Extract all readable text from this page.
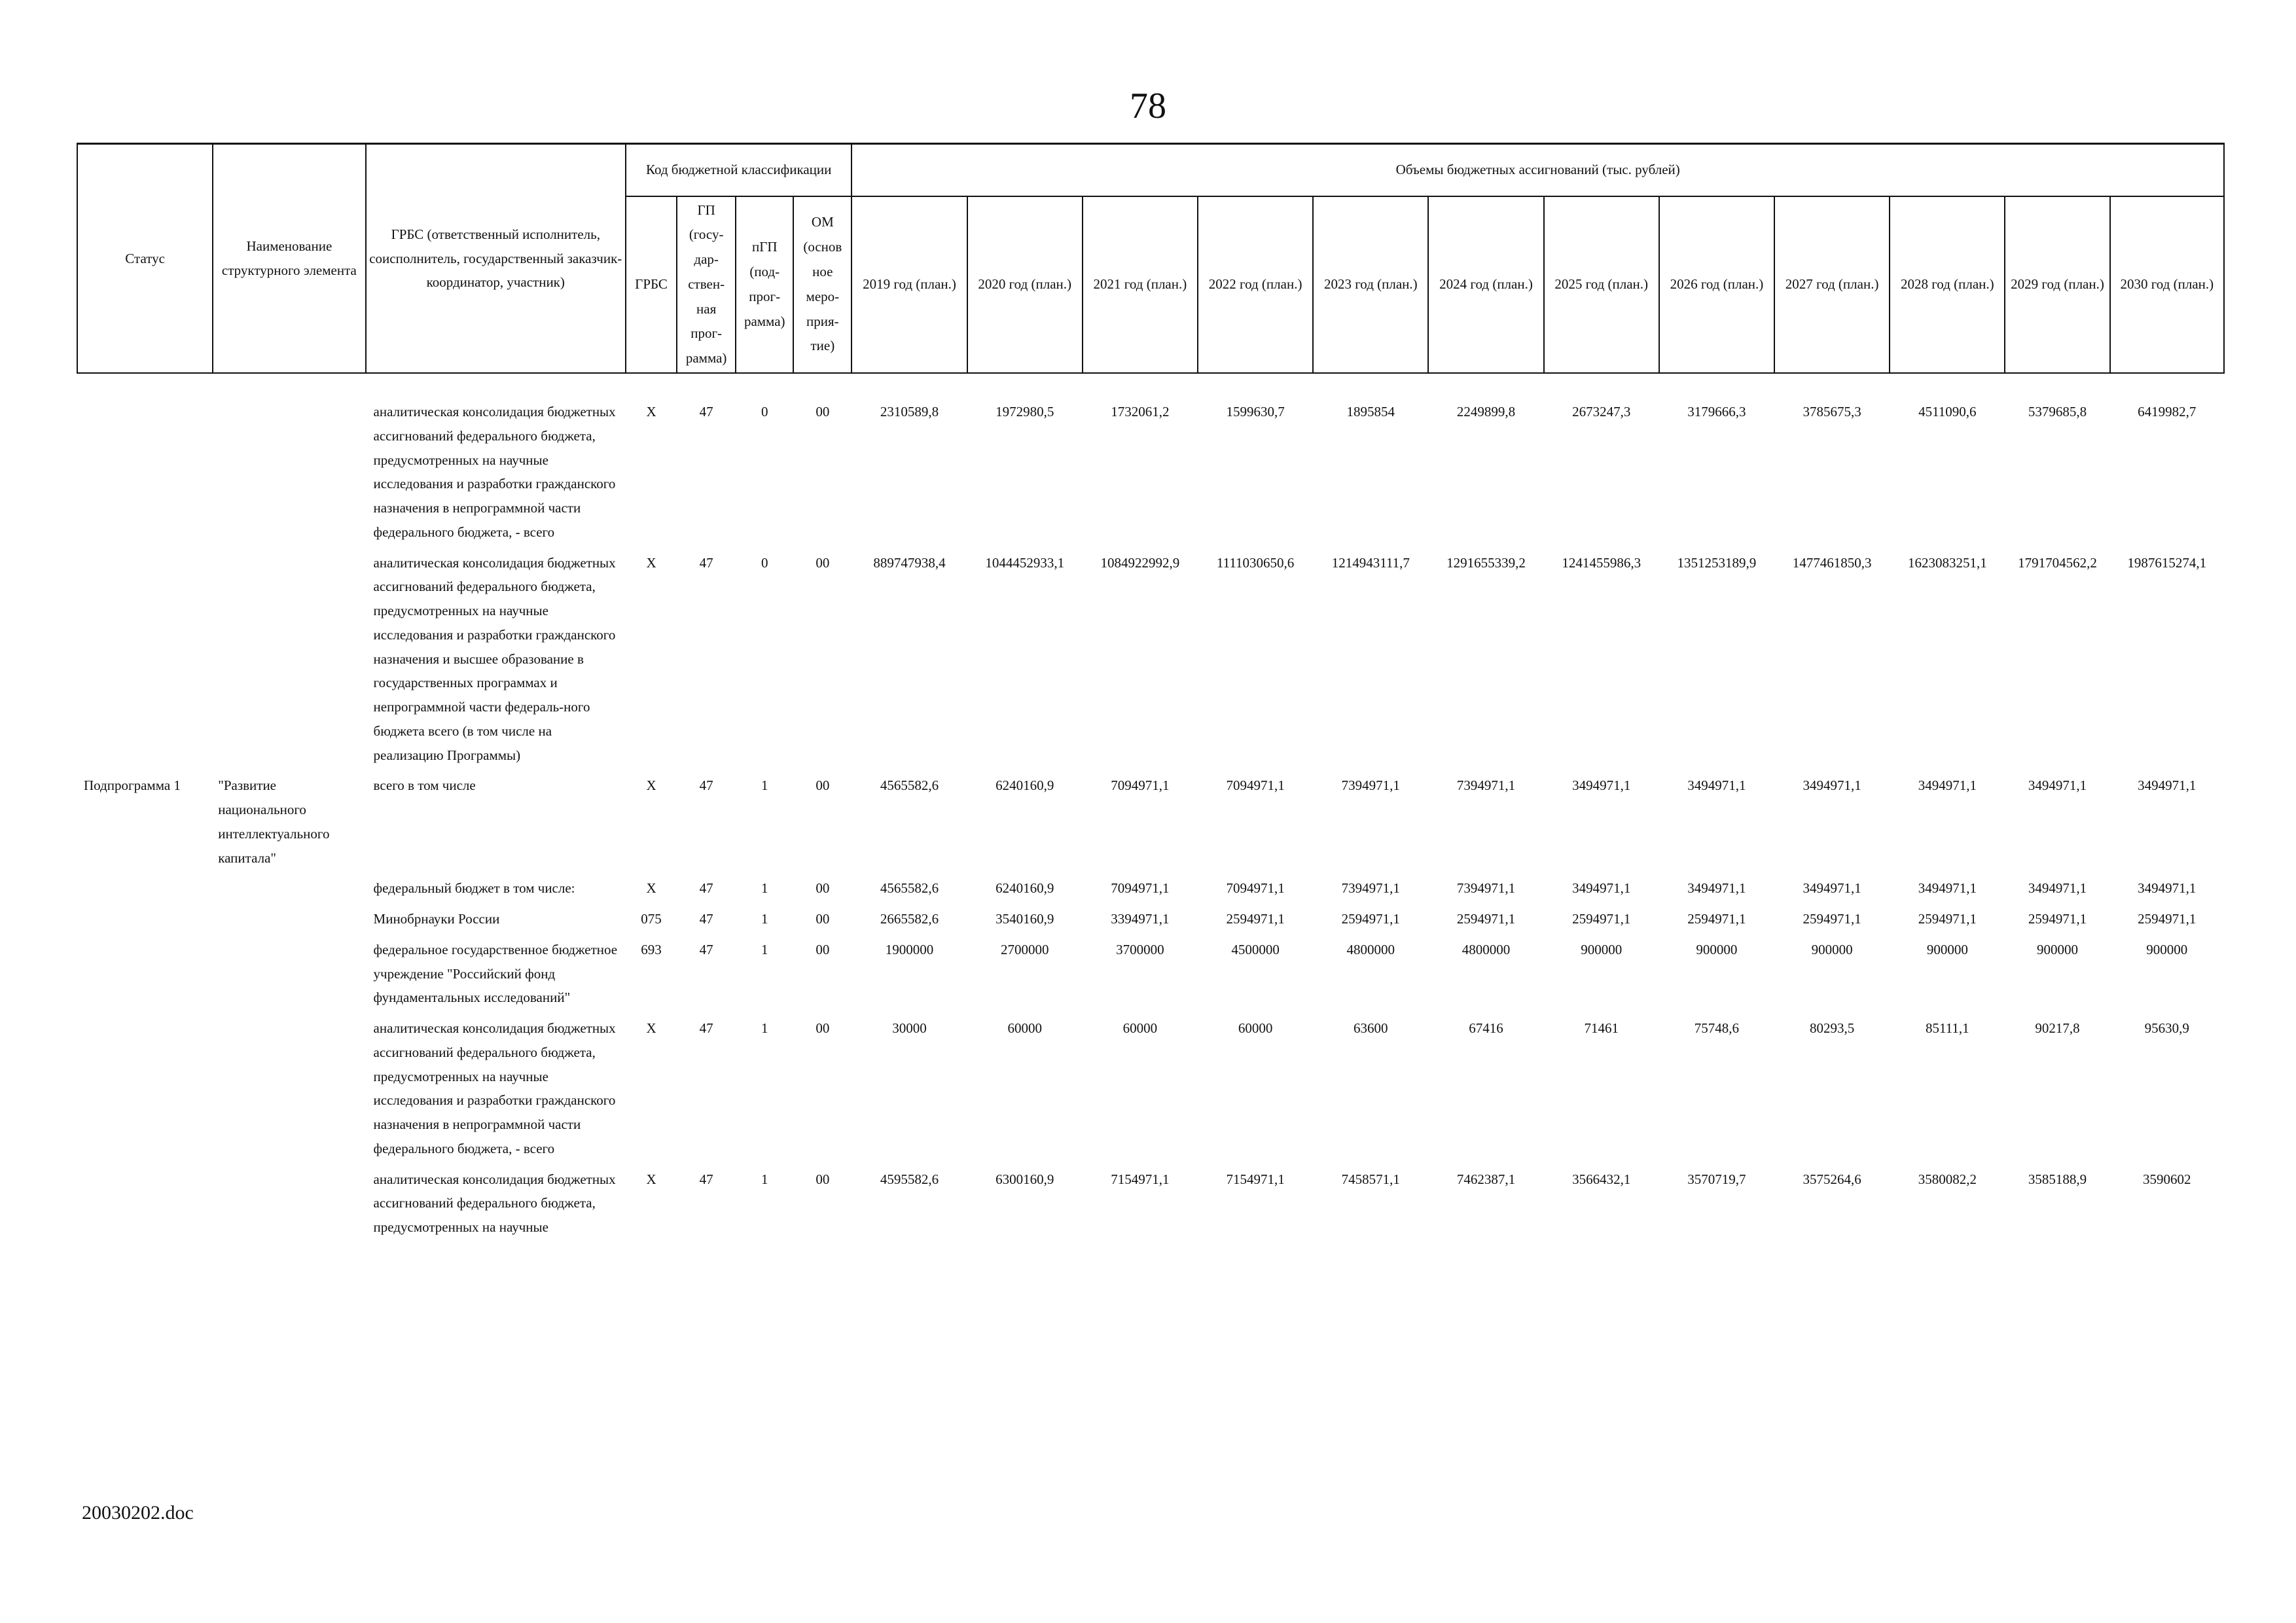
78
Статус	Наименование структурного элемента	ГРБС (ответственный исполнитель, соисполнитель, государственный заказчик-координатор, участник)	Код бюджетной классификации				Объемы бюджетных ассигнований (тыс. рублей)											
			ГРБС	ГП (госу-дар-ствен-ная прог-рамма)	пГП (под-прог-рамма)	ОМ (основ ное меро-прия-тие)	2019 год (план.)	2020 год (план.)	2021 год (план.)	2022 год (план.)	2023 год (план.)	2024 год (план.)	2025 год (план.)	2026 год (план.)	2027 год (план.)	2028 год (план.)	2029 год (план.)	2030 год (план.)
		аналитическая консолидация бюджетных ассигнований федерального бюджета, предусмотренных на научные исследования и разработки гражданского назначения в непрограммной части федерального бюджета, - всего	X	47	0	00	2310589,8	1972980,5	1732061,2	1599630,7	1895854	2249899,8	2673247,3	3179666,3	3785675,3	4511090,6	5379685,8	6419982,7
		аналитическая консолидация бюджетных ассигнований федерального бюджета, предусмотренных на научные исследования и разработки гражданского назначения и высшее образование в государственных программах и непрограммной части федераль-ного бюджета всего (в том числе на реализацию Программы)	X	47	0	00	889747938,4	1044452933,1	1084922992,9	1111030650,6	1214943111,7	1291655339,2	1241455986,3	1351253189,9	1477461850,3	1623083251,1	1791704562,2	1987615274,1
Подпрограмма 1	"Развитие национального интеллектуального капитала"	всего в том числе	X	47	1	00	4565582,6	6240160,9	7094971,1	7094971,1	7394971,1	7394971,1	3494971,1	3494971,1	3494971,1	3494971,1	3494971,1	3494971,1
		федеральный бюджет в том числе:	X	47	1	00	4565582,6	6240160,9	7094971,1	7094971,1	7394971,1	7394971,1	3494971,1	3494971,1	3494971,1	3494971,1	3494971,1	3494971,1
		Минобрнауки России	075	47	1	00	2665582,6	3540160,9	3394971,1	2594971,1	2594971,1	2594971,1	2594971,1	2594971,1	2594971,1	2594971,1	2594971,1	2594971,1
		федеральное государственное бюджетное учреждение "Российский фонд фундаментальных исследований"	693	47	1	00	1900000	2700000	3700000	4500000	4800000	4800000	900000	900000	900000	900000	900000	900000
		аналитическая консолидация бюджетных ассигнований федерального бюджета, предусмотренных на научные исследования и разработки гражданского назначения в непрограммной части федерального бюджета, - всего	X	47	1	00	30000	60000	60000	60000	63600	67416	71461	75748,6	80293,5	85111,1	90217,8	95630,9
		аналитическая консолидация бюджетных ассигнований федерального бюджета, предусмотренных на научные	X	47	1	00	4595582,6	6300160,9	7154971,1	7154971,1	7458571,1	7462387,1	3566432,1	3570719,7	3575264,6	3580082,2	3585188,9	3590602
20030202.doc
